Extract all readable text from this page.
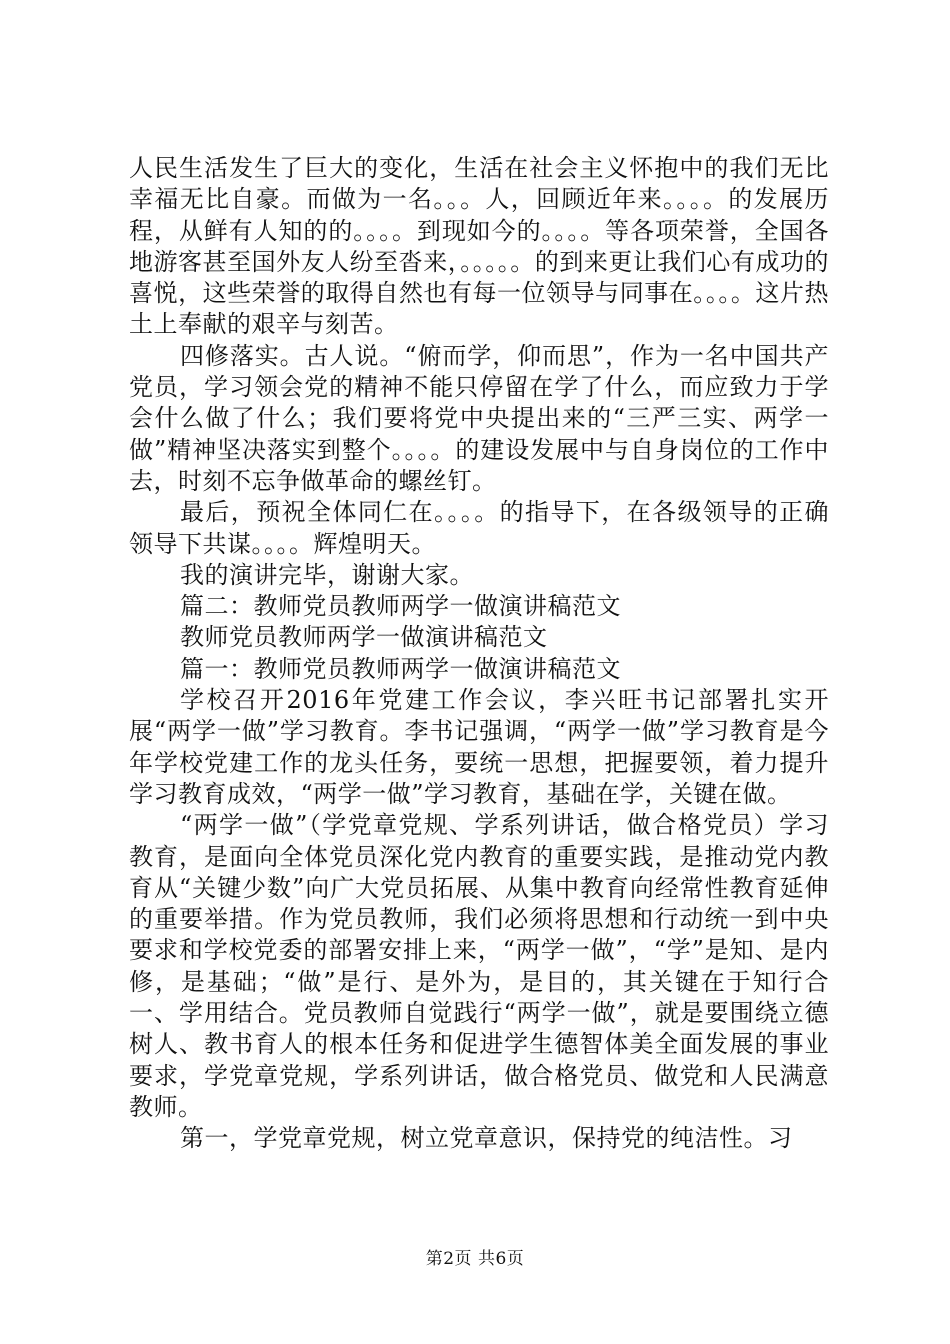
人民生活发生了巨大的变化，生活在社会主义怀抱中的我们无比幸福无比自豪。而做为一名。。。人，回顾近年来。。。。的发展历程，从鲜有人知的的。。。。到现如今的。。。。等各项荣誉，全国各地游客甚至国外友人纷至沓来，。。。。。的到来更让我们心有成功的喜悦，这些荣誉的取得自然也有每一位领导与同事在。。。。这片热土上奉献的艰辛与刻苦。

四修落实。古人说。“俯而学，仰而思”，作为一名中国共产党员，学习领会党的精神不能只停留在学了什么，而应致力于学会什么做了什么；我们要将党中央提出来的“三严三实、两学一做”精神坚决落实到整个。。。。的建设发展中与自身岗位的工作中去，时刻不忘争做革命的螺丝钉。

最后，预祝全体同仁在。。。。的指导下，在各级领导的正确领导下共谋。。。。辉煌明天。

我的演讲完毕，谢谢大家。

篇二：教师党员教师两学一做演讲稿范文

教师党员教师两学一做演讲稿范文

篇一：教师党员教师两学一做演讲稿范文

学校召开2016年党建工作会议，李兴旺书记部署扎实开展“两学一做”学习教育。李书记强调，“两学一做”学习教育是今年学校党建工作的龙头任务，要统一思想，把握要领，着力提升学习教育成效，“两学一做”学习教育，基础在学，关键在做。

“两学一做”（学党章党规、学系列讲话，做合格党员）学习教育，是面向全体党员深化党内教育的重要实践，是推动党内教育从“关键少数”向广大党员拓展、从集中教育向经常性教育延伸的重要举措。作为党员教师，我们必须将思想和行动统一到中央要求和学校党委的部署安排上来，“两学一做”，“学”是知、是内修，是基础；“做”是行、是外为，是目的，其关键在于知行合一、学用结合。党员教师自觉践行“两学一做”，就是要围绕立德树人、教书育人的根本任务和促进学生德智体美全面发展的事业要求，学党章党规，学系列讲话，做合格党员、做党和人民满意教师。

第一，学党章党规，树立党章意识，保持党的纯洁性。习

第2页 共6页
